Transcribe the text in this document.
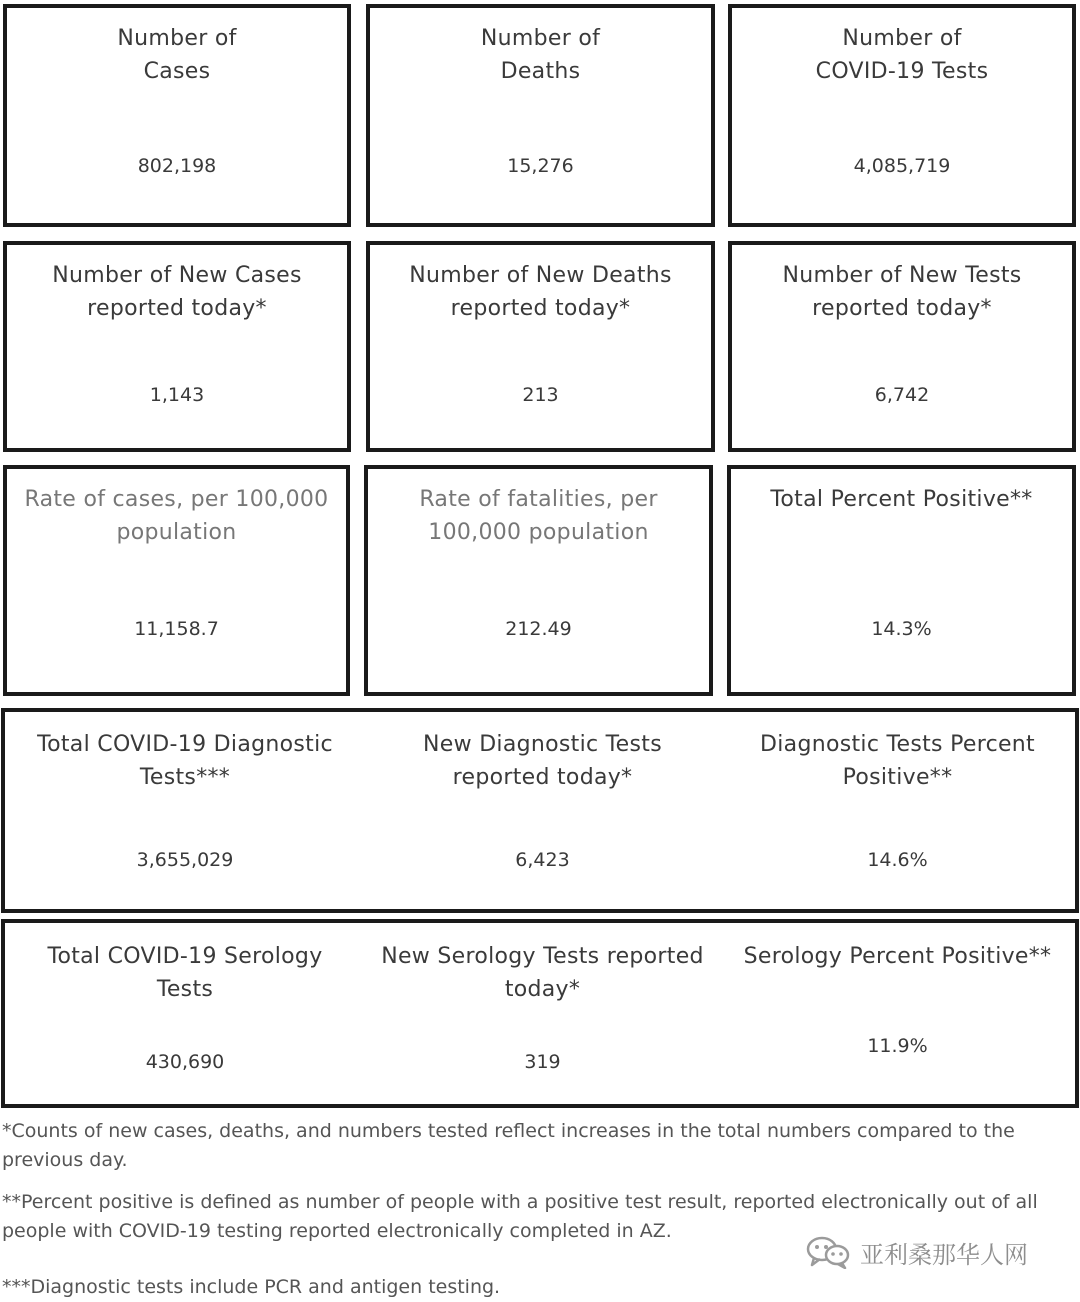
Number of
Cases
802,198
Number of
Deaths
15,276
Number of
COVID-19 Tests
4,085,719
Number of New Cases
reported today*
1,143
Number of New Deaths
reported today*
213
Number of New Tests
reported today*
6,742
Rate of cases, per 100,000
population
11,158.7
Rate of fatalities, per
100,000 population
212.49
Total Percent Positive**
14.3%
Total COVID-19 Diagnostic
Tests***
3,655,029
New Diagnostic Tests
reported today*
6,423
Diagnostic Tests Percent
Positive**
14.6%
Total COVID-19 Serology
Tests
430,690
New Serology Tests reported
today*
319
Serology Percent Positive**
11.9%
*Counts of new cases, deaths, and numbers tested reflect increases in the total numbers compared to the previous day.
**Percent positive is defined as number of people with a positive test result, reported electronically out of all people with COVID-19 testing reported electronically completed in AZ.
***Diagnostic tests include PCR and antigen testing.
亚利桑那华人网
